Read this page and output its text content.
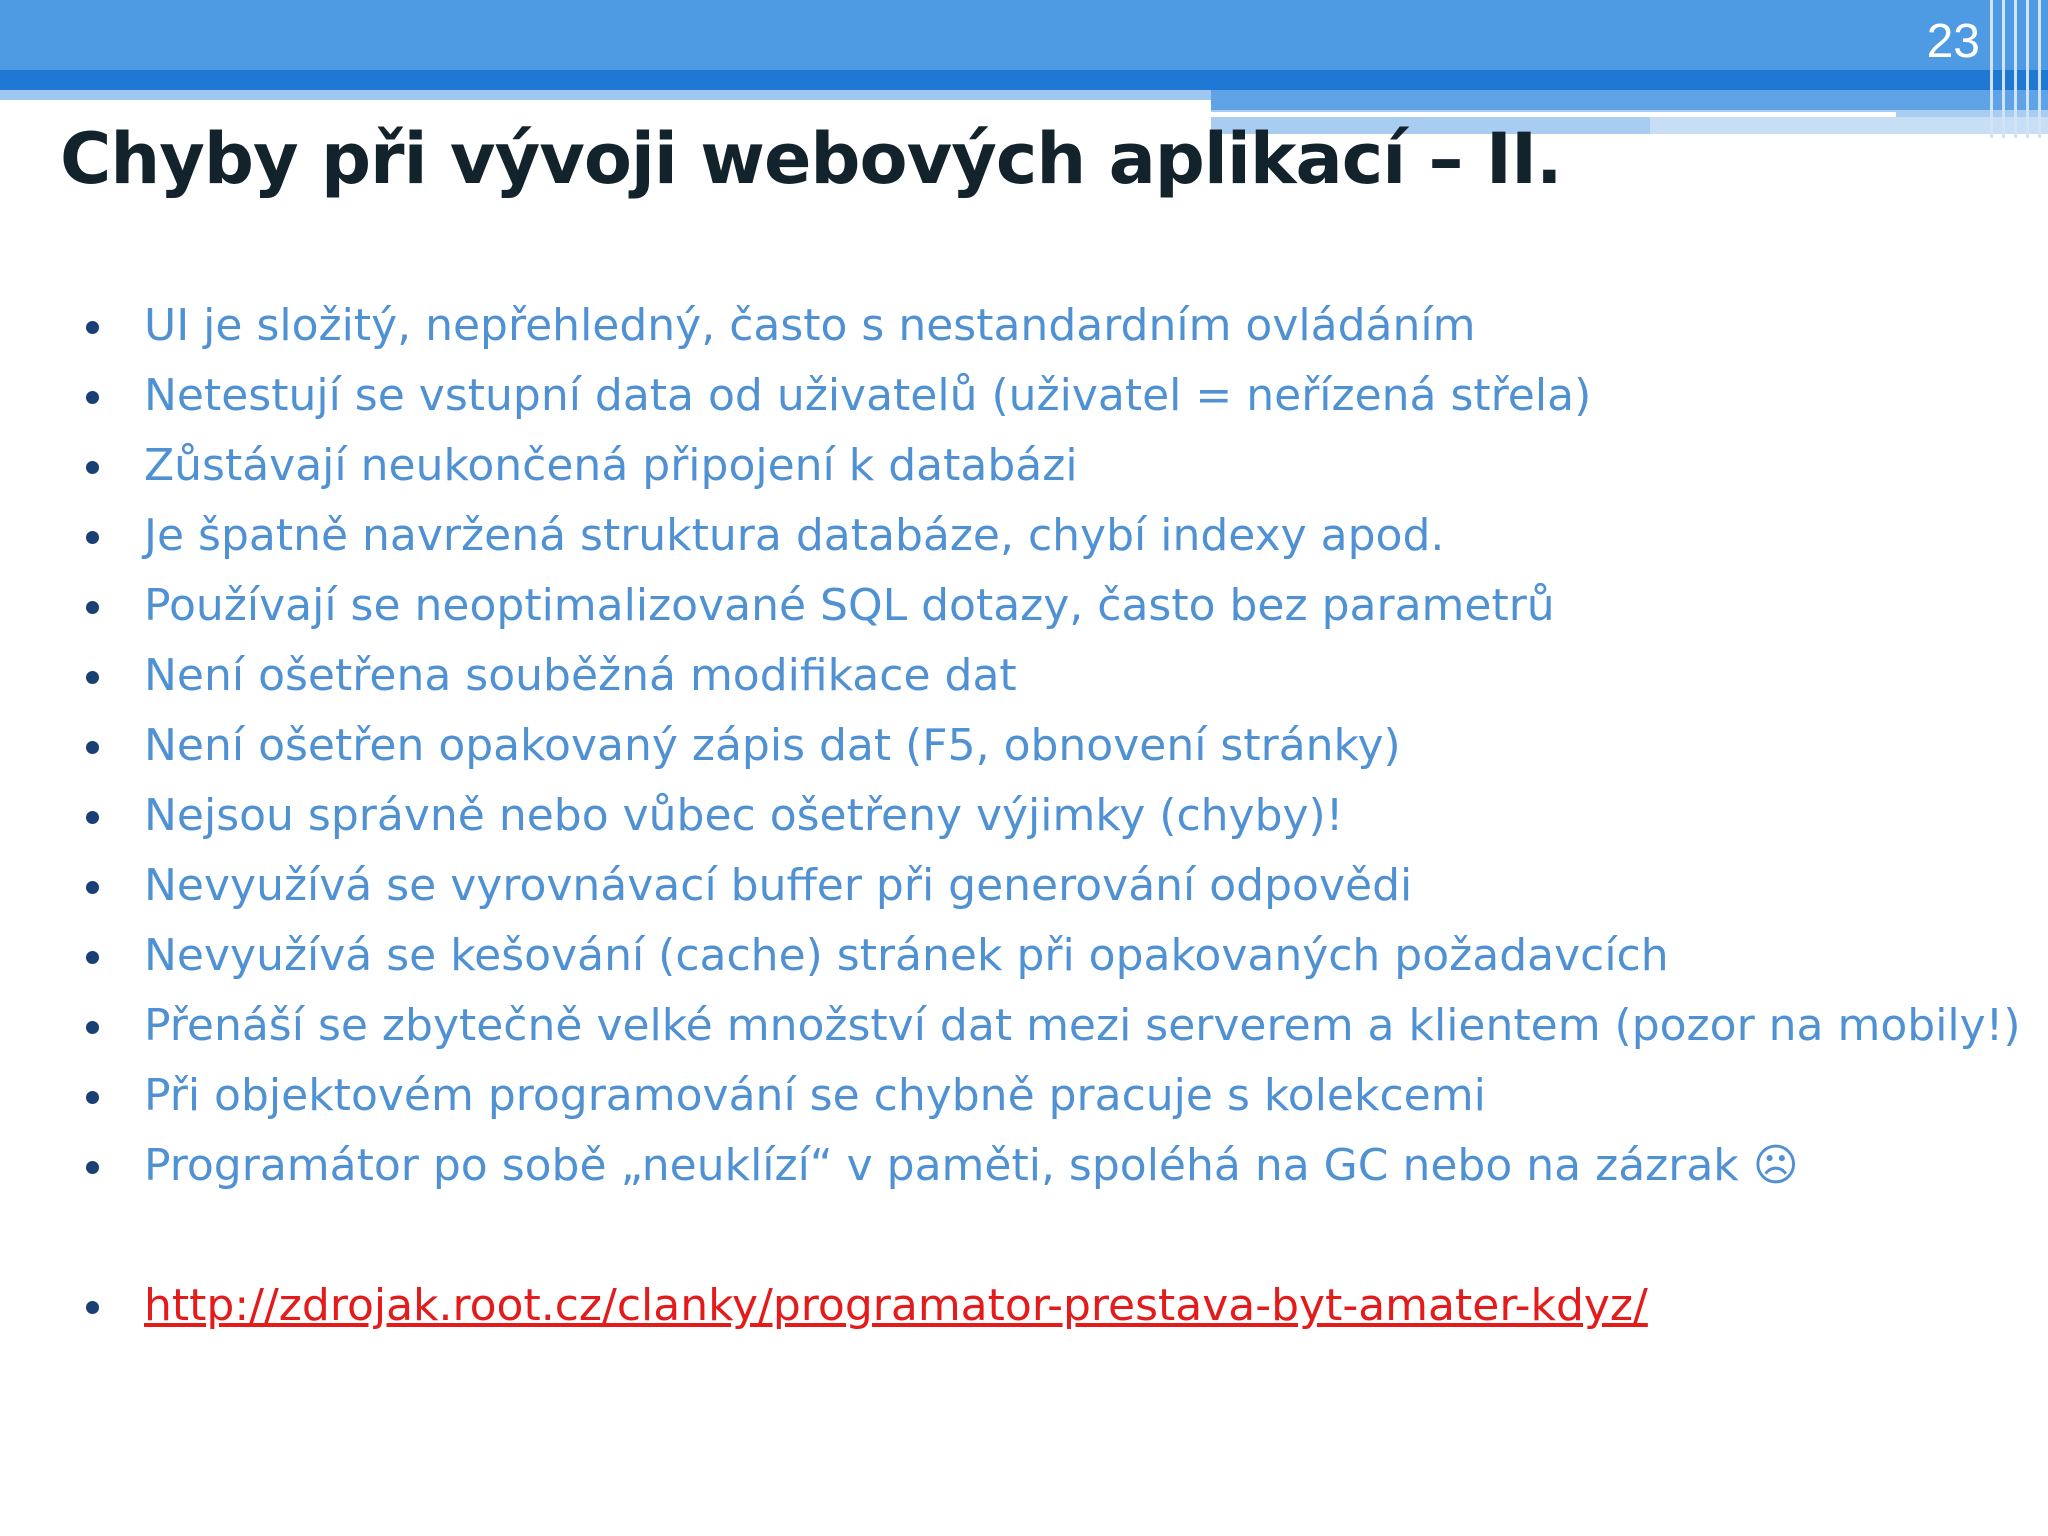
23
Chyby při vývoji webových aplikací – II.
UI je složitý, nepřehledný, často s nestandardním ovládáním
Netestují se vstupní data od uživatelů (uživatel = neřízená střela)
Zůstávají neukončená připojení k databázi
Je špatně navržená struktura databáze, chybí indexy apod.
Používají se neoptimalizované SQL dotazy, často bez parametrů
Není ošetřena souběžná modifikace dat
Není ošetřen opakovaný zápis dat (F5, obnovení stránky)
Nejsou správně nebo vůbec ošetřeny výjimky (chyby)!
Nevyužívá se vyrovnávací buffer při generování odpovědi
Nevyužívá se kešování (cache) stránek při opakovaných požadavcích
Přenáší se zbytečně velké množství dat mezi serverem a klientem (pozor na mobily!)
Při objektovém programování se chybně pracuje s kolekcemi
Programátor po sobě „neuklízí“ v paměti, spoléhá na GC nebo na zázrak ☹
http://zdrojak.root.cz/clanky/programator-prestava-byt-amater-kdyz/
